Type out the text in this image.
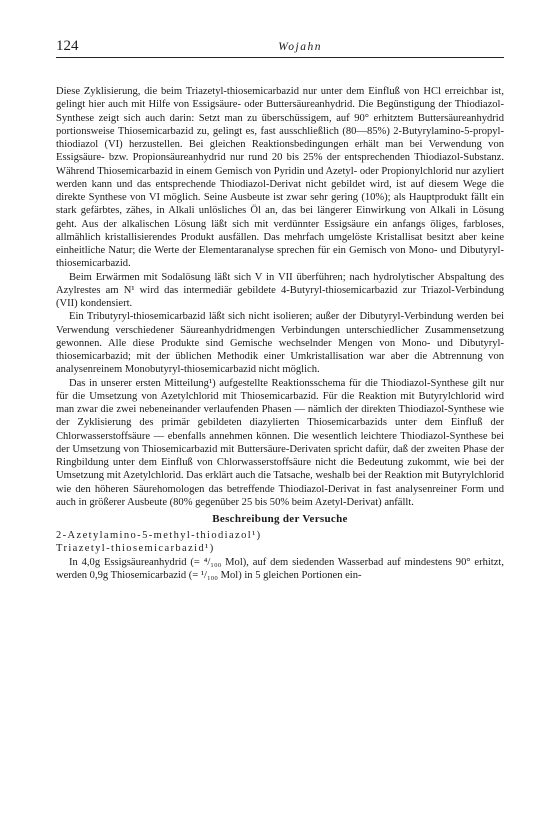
124	Wojahn

Diese Zyklisierung, die beim Triazetyl-thiosemicarbazid nur unter dem Einfluß von HCl erreichbar ist, gelingt hier auch mit Hilfe von Essigsäure- oder Buttersäureanhydrid. Die Begünstigung der Thiodiazol-Synthese zeigt sich auch darin: Setzt man zu überschüssigem, auf 90° erhitztem Buttersäureanhydrid portionsweise Thiosemicarbazid zu, gelingt es, fast ausschließlich (80—85%) 2-Butyrylamino-5-propyl-thiodiazol (VI) herzustellen. Bei gleichen Reaktionsbedingungen erhält man bei Verwendung von Essigsäure- bzw. Propionsäureanhydrid nur rund 20 bis 25% der entsprechenden Thiodiazol-Substanz. Während Thiosemicarbazid in einem Gemisch von Pyridin und Azetyl- oder Propionylchlorid nur azyliert werden kann und das entsprechende Thiodiazol-Derivat nicht gebildet wird, ist auf diesem Wege die direkte Synthese von VI möglich. Seine Ausbeute ist zwar sehr gering (10%); als Hauptprodukt fällt ein stark gefärbtes, zähes, in Alkali unlösliches Öl an, das bei längerer Einwirkung von Alkali in Lösung geht. Aus der alkalischen Lösung läßt sich mit verdünnter Essigsäure ein anfangs öliges, farbloses, allmählich kristallisierendes Produkt ausfällen. Das mehrfach umgelöste Kristallisat besitzt aber keine einheitliche Natur; die Werte der Elementaranalyse sprechen für ein Gemisch von Mono- und Dibutyryl-thiosemicarbazid.

Beim Erwärmen mit Sodalösung läßt sich V in VII überführen; nach hydrolytischer Abspaltung des Azylrestes am N¹ wird das intermediär gebildete 4-Butyryl-thiosemicarbazid zur Triazol-Verbindung (VII) kondensiert.

Ein Tributyryl-thiosemicarbazid läßt sich nicht isolieren; außer der Dibutyryl-Verbindung werden bei Verwendung verschiedener Säureanhydridmengen Verbindungen unterschiedlicher Zusammensetzung gewonnen. Alle diese Produkte sind Gemische wechselnder Mengen von Mono- und Dibutyryl-thiosemicarbazid; mit der üblichen Methodik einer Umkristallisation war aber die Abtrennung von analysenreinem Monobutyryl-thiosemicarbazid nicht möglich.

Das in unserer ersten Mitteilung¹) aufgestellte Reaktionsschema für die Thiodiazol-Synthese gilt nur für die Umsetzung von Azetylchlorid mit Thiosemicarbazid. Für die Reaktion mit Butyrylchlorid wird man zwar die zwei nebeneinander verlaufenden Phasen — nämlich der direkten Thiodiazol-Synthese wie der Zyklisierung des primär gebildeten diazylierten Thiosemicarbazids unter dem Einfluß der Chlorwasserstoffsäure — ebenfalls annehmen können. Die wesentlich leichtere Thiodiazol-Synthese bei der Umsetzung von Thiosemicarbazid mit Buttersäure-Derivaten spricht dafür, daß der zweiten Phase der Ringbildung unter dem Einfluß von Chlorwasserstoffsäure nicht die Bedeutung zukommt, wie bei der Umsetzung mit Azetylchlorid. Das erklärt auch die Tatsache, weshalb bei der Reaktion mit Butyrylchlorid wie den höheren Säurehomologen das betreffende Thiodiazol-Derivat in fast analysenreiner Form und auch in größerer Ausbeute (80% gegenüber 25 bis 50% beim Azetyl-Derivat) anfällt.

Beschreibung der Versuche

2-Azetylamino-5-methyl-thiodiazol¹)

Triazetyl-thiosemicarbazid¹)

In 4,0g Essigsäureanhydrid (= ⁴/₁₀₀ Mol), auf dem siedenden Wasserbad auf mindestens 90° erhitzt, werden 0,9g Thiosemicarbazid (= ¹/₁₀₀ Mol) in 5 gleichen Portionen ein-
